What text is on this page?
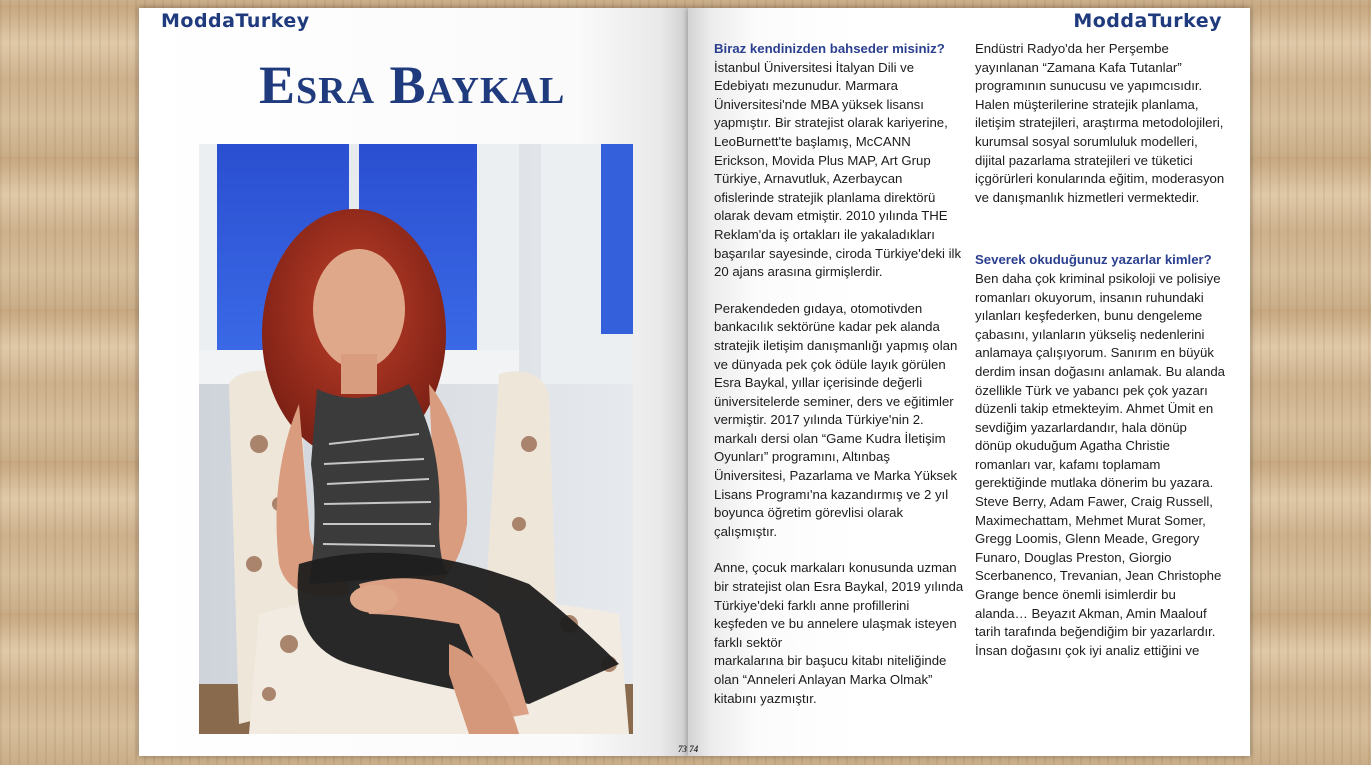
ModdaTurkey
Esra Baykal
ModdaTurkey
Biraz kendinizden bahseder misiniz?

İstanbul Üniversitesi İtalyan Dili ve Edebiyatı mezunudur. Marmara Üniversitesi'nde MBA yüksek lisansı yapmıştır. Bir stratejist olarak kariyerine, LeoBurnett'te başlamış, McCANN Erickson, Movida Plus MAP, Art Grup Türkiye, Arnavutluk, Azerbaycan ofislerinde stratejik planlama direktörü olarak devam etmiştir. 2010 yılında THE Reklam'da iş ortakları ile yakaladıkları başarılar sayesinde, ciroda Türkiye'deki ilk 20 ajans arasına girmişlerdir.

Perakendeden gıdaya, otomotivden bankacılık sektörüne kadar pek alanda stratejik iletişim danışmanlığı yapmış olan ve dünyada pek çok ödüle layık görülen Esra Baykal, yıllar içerisinde değerli üniversitelerde seminer, ders ve eğitimler vermiştir. 2017 yılında Türkiye'nin 2. markalı dersi olan “Game Kudra İletişim Oyunları” programını, Altınbaş Üniversitesi, Pazarlama ve Marka Yüksek Lisans Programı'na kazandırmış ve 2 yıl boyunca öğretim görevlisi olarak çalışmıştır.

Anne, çocuk markaları konusunda uzman bir stratejist olan Esra Baykal, 2019 yılında Türkiye'deki farklı anne profillerini keşfeden ve bu annelere ulaşmak isteyen farklı sektör

markalarına bir başucu kitabı niteliğinde olan “Anneleri Anlayan Marka Olmak” kitabını yazmıştır.

Endüstri Radyo'da her Perşembe yayınlanan “Zamana Kafa Tutanlar” programının sunucusu ve yapımcısıdır. Halen müşterilerine stratejik planlama, iletişim stratejileri, araştırma metodolojileri, kurumsal sosyal sorumluluk modelleri, dijital pazarlama stratejileri ve tüketici içgörürleri konularında eğitim, moderasyon ve danışmanlık hizmetleri vermektedir.

Severek okuduğunuz yazarlar kimler?

Ben daha çok kriminal psikoloji ve polisiye romanları okuyorum, insanın ruhundaki yılanları keşfederken, bunu dengeleme çabasını, yılanların yükseliş nedenlerini anlamaya çalışıyorum. Sanırım en büyük derdim insan doğasını anlamak. Bu alanda özellikle Türk ve yabancı pek çok yazarı düzenli takip etmekteyim. Ahmet Ümit en sevdiğim yazarlardandır, hala dönüp dönüp okuduğum Agatha Christie romanları var, kafamı toplamam gerektiğinde mutlaka dönerim bu yazara. Steve Berry, Adam Fawer, Craig Russell, Maximechattam, Mehmet Murat Somer, Gregg Loomis, Glenn Meade, Gregory Funaro, Douglas Preston, Giorgio Scerbanenco, Trevanian, Jean Christophe Grange bence önemli isimlerdir bu alanda… Beyazıt Akman, Amin Maalouf tarih tarafında beğendiğim bir yazarlardır. İnsan doğasını çok iyi analiz ettiğini ve

73 74
